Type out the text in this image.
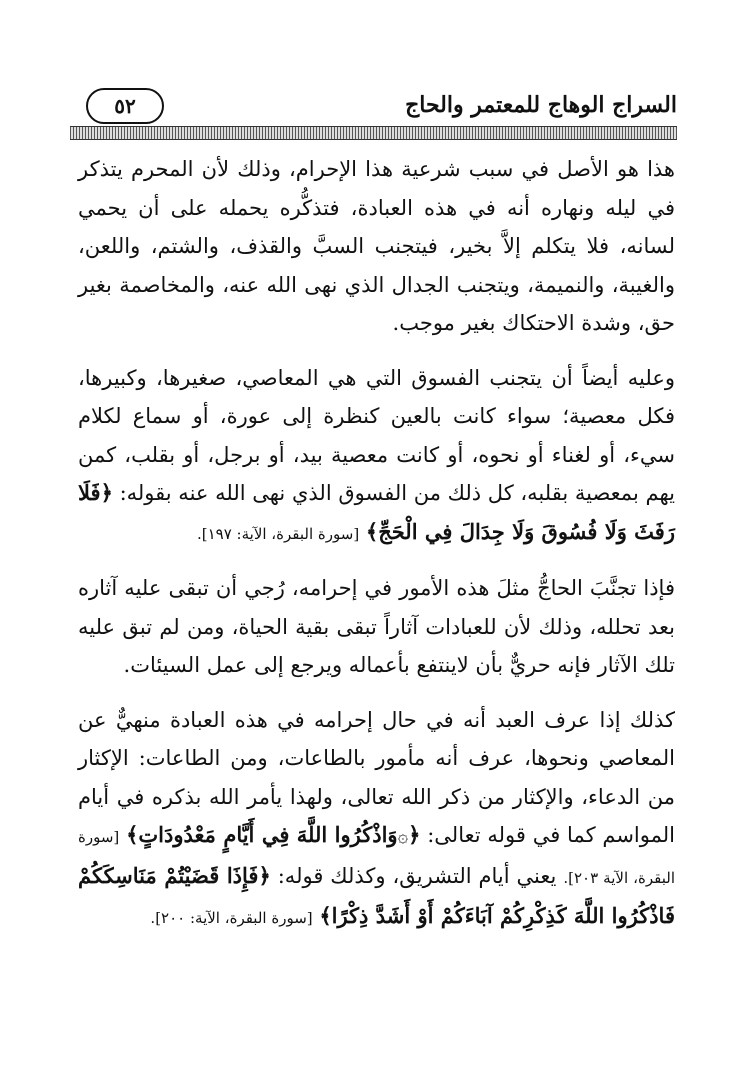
٥٢	السراج الوهاج للمعتمر والحاج

هذا هو الأصل في سبب شرعية هذا الإحرام، وذلك لأن المحرم يتذكر في ليله ونهاره أنه في هذه العبادة، فتذكُّره يحمله على أن يحمي لسانه، فلا يتكلم إلاَّ بخير، فيتجنب السبَّ والقذف، والشتم، واللعن، والغيبة، والنميمة، ويتجنب الجدال الذي نهى الله عنه، والمخاصمة بغير حق، وشدة الاحتكاك بغير موجب.

وعليه أيضاً أن يتجنب الفسوق التي هي المعاصي، صغيرها، وكبيرها، فكل معصية؛ سواء كانت بالعين كنظرة إلى عورة، أو سماع لكلام سيء، أو لغناء أو نحوه، أو كانت معصية بيد، أو برجل، أو بقلب، كمن يهم بمعصية بقلبه، كل ذلك من الفسوق الذي نهى الله عنه بقوله: ﴿فَلَا رَفَثَ وَلَا فُسُوقَ وَلَا جِدَالَ فِي الْحَجِّ﴾ [سورة البقرة، الآية: ١٩٧].

فإذا تجنَّبَ الحاجُّ مثلَ هذه الأمور في إحرامه، رُجي أن تبقى عليه آثاره بعد تحلله، وذلك لأن للعبادات آثاراً تبقى بقية الحياة، ومن لم تبق عليه تلك الآثار فإنه حريٌّ بأن لاينتفع بأعماله ويرجع إلى عمل السيئات.

كذلك إذا عرف العبد أنه في حال إحرامه في هذه العبادة منهيٌّ عن المعاصي ونحوها، عرف أنه مأمور بالطاعات، ومن الطاعات: الإكثار من الدعاء، والإكثار من ذكر الله تعالى، ولهذا يأمر الله بذكره في أيام المواسم كما في قوله تعالى: ﴿۞وَاذْكُرُوا اللَّهَ فِي أَيَّامٍ مَعْدُودَاتٍ﴾ [سورة البقرة، الآية ٢٠٣]. يعني أيام التشريق، وكذلك قوله: ﴿فَإِذَا قَضَيْتُمْ مَنَاسِكَكُمْ فَاذْكُرُوا اللَّهَ كَذِكْرِكُمْ آبَاءَكُمْ أَوْ أَشَدَّ ذِكْرًا﴾ [سورة البقرة، الآية: ٢٠٠].
